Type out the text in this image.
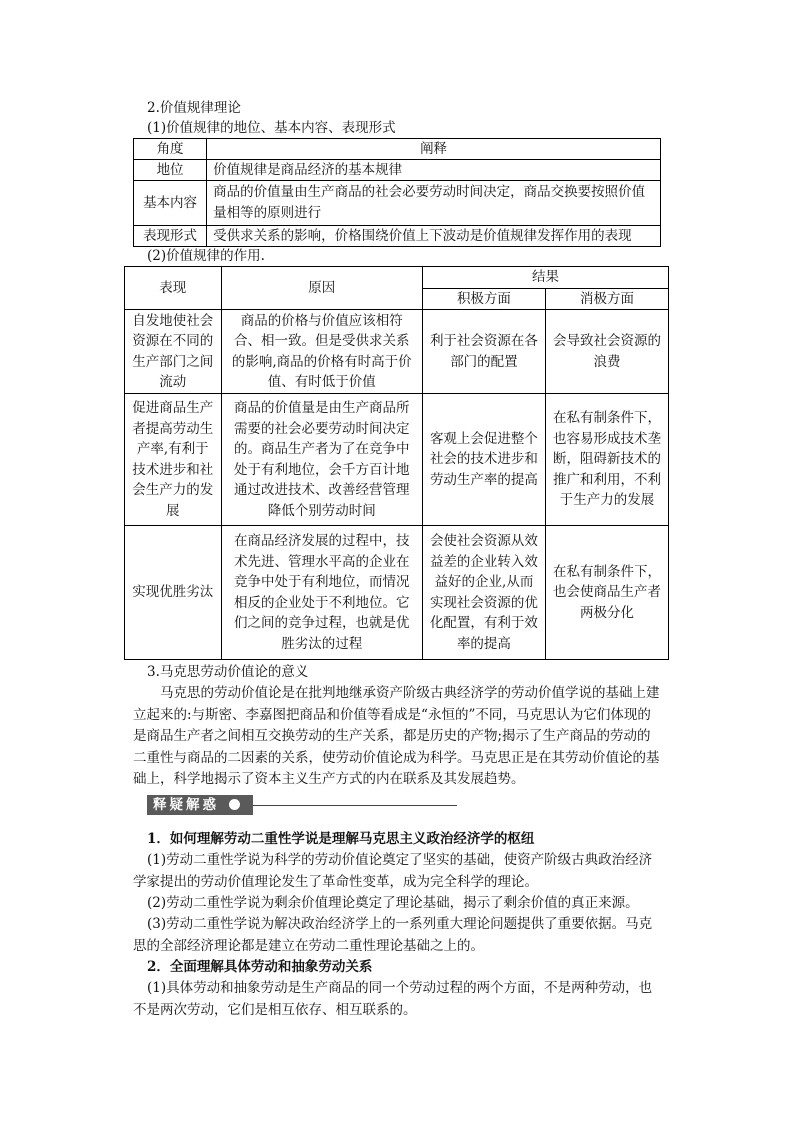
2.价值规律理论
(1)价值规律的地位、基本内容、表现形式
角度	阐释
地位	价值规律是商品经济的基本规律
基本内容	商品的价值量由生产商品的社会必要劳动时间决定，商品交换要按照价值量相等的原则进行
表现形式	受供求关系的影响，价格围绕价值上下波动是价值规律发挥作用的表现
(2)价值规律的作用.
表现	原因	结果	
		积极方面	消极方面
自发地使社会资源在不同的生产部门之间流动	商品的价格与价值应该相符合、相一致。但是受供求关系的影响,商品的价格有时高于价值、有时低于价值	利于社会资源在各部门的配置	会导致社会资源的浪费
促进商品生产者提高劳动生产率,有利于技术进步和社会生产力的发展	商品的价值量是由生产商品所需要的社会必要劳动时间决定的。商品生产者为了在竞争中处于有利地位，会千方百计地通过改进技术、改善经营管理降低个别劳动时间	客观上会促进整个社会的技术进步和劳动生产率的提高	在私有制条件下，也容易形成技术垄断，阻碍新技术的推广和利用，不利于生产力的发展
实现优胜劣汰	在商品经济发展的过程中，技术先进、管理水平高的企业在竞争中处于有利地位，而情况相反的企业处于不利地位。它们之间的竞争过程，也就是优胜劣汰的过程	会使社会资源从效益差的企业转入效益好的企业,从而实现社会资源的优化配置，有利于效率的提高	在私有制条件下，也会使商品生产者两极分化
3.马克思劳动价值论的意义
马克思的劳动价值论是在批判地继承资产阶级古典经济学的劳动价值学说的基础上建立起来的:与斯密、李嘉图把商品和价值等看成是“永恒的”不同，马克思认为它们体现的是商品生产者之间相互交换劳动的生产关系，都是历史的产物;揭示了生产商品的劳动的二重性与商品的二因素的关系，使劳动价值论成为科学。马克思正是在其劳动价值论的基础上，科学地揭示了资本主义生产方式的内在联系及其发展趋势。
释疑解惑
1．如何理解劳动二重性学说是理解马克思主义政治经济学的枢纽
(1)劳动二重性学说为科学的劳动价值论奠定了坚实的基础，使资产阶级古典政治经济学家提出的劳动价值理论发生了革命性变革，成为完全科学的理论。
(2)劳动二重性学说为剩余价值理论奠定了理论基础，揭示了剩余价值的真正来源。
(3)劳动二重性学说为解决政治经济学上的一系列重大理论问题提供了重要依据。马克思的全部经济理论都是建立在劳动二重性理论基础之上的。
2．全面理解具体劳动和抽象劳动关系
(1)具体劳动和抽象劳动是生产商品的同一个劳动过程的两个方面，不是两种劳动，也不是两次劳动，它们是相互依存、相互联系的。
